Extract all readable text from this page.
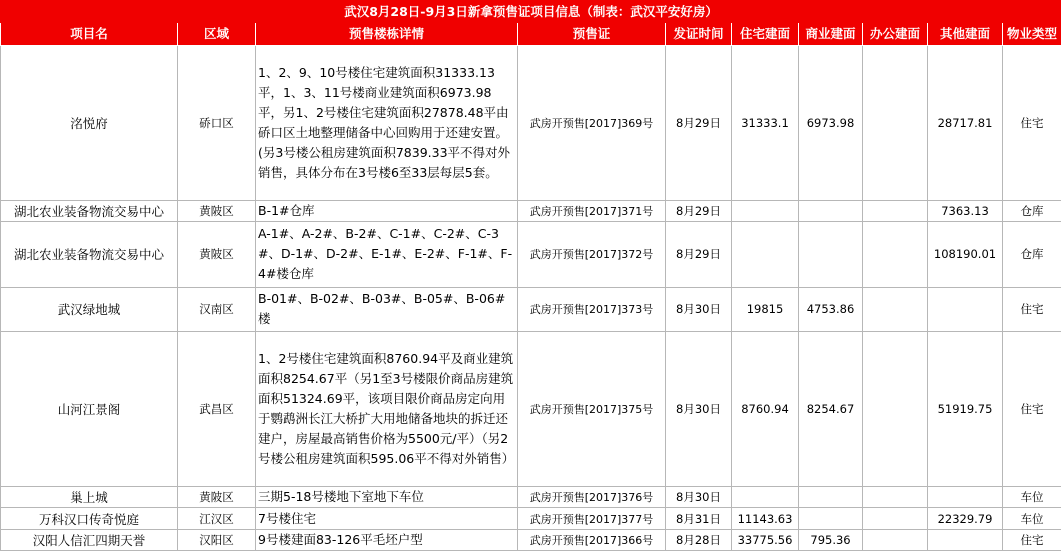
武汉8月28日-9月3日新拿预售证项目信息（制表：武汉平安好房）									
项目名	区域	预售楼栋详情	预售证	发证时间	住宅建面	商业建面	办公建面	其他建面	物业类型
洺悦府	硚口区	1、2、9、10号楼住宅建筑面积31333.13平，1、3、11号楼商业建筑面积6973.98平，另1、2号楼住宅建筑面积27878.48平由硚口区土地整理储备中心回购用于还建安置。(另3号楼公租房建筑面积7839.33平不得对外销售，具体分布在3号楼6至33层每层5套。	武房开预售[2017]369号	8月29日	31333.1	6973.98		28717.81	住宅
湖北农业装备物流交易中心	黄陂区	B-1#仓库	武房开预售[2017]371号	8月29日				7363.13	仓库
湖北农业装备物流交易中心	黄陂区	A-1#、A-2#、B-2#、C-1#、C-2#、C-3#、D-1#、D-2#、E-1#、E-2#、F-1#、F-4#楼仓库	武房开预售[2017]372号	8月29日				108190.01	仓库
武汉绿地城	汉南区	B-01#、B-02#、B-03#、B-05#、B-06#楼	武房开预售[2017]373号	8月30日	19815	4753.86			住宅
山河江景阁	武昌区	1、2号楼住宅建筑面积8760.94平及商业建筑面积8254.67平（另1至3号楼限价商品房建筑面积51324.69平，该项目限价商品房定向用于鹦鹉洲长江大桥扩大用地储备地块的拆迁还建户，房屋最高销售价格为5500元/平）（另2号楼公租房建筑面积595.06平不得对外销售）	武房开预售[2017]375号	8月30日	8760.94	8254.67		51919.75	住宅
巢上城	黄陂区	三期5-18号楼地下室地下车位	武房开预售[2017]376号	8月30日					车位
万科汉口传奇悦庭	江汉区	7号楼住宅	武房开预售[2017]377号	8月31日	11143.63			22329.79	车位
汉阳人信汇四期天誉	汉阳区	9号楼建面83-126平毛坯户型	武房开预售[2017]366号	8月28日	33775.56	795.36			住宅
